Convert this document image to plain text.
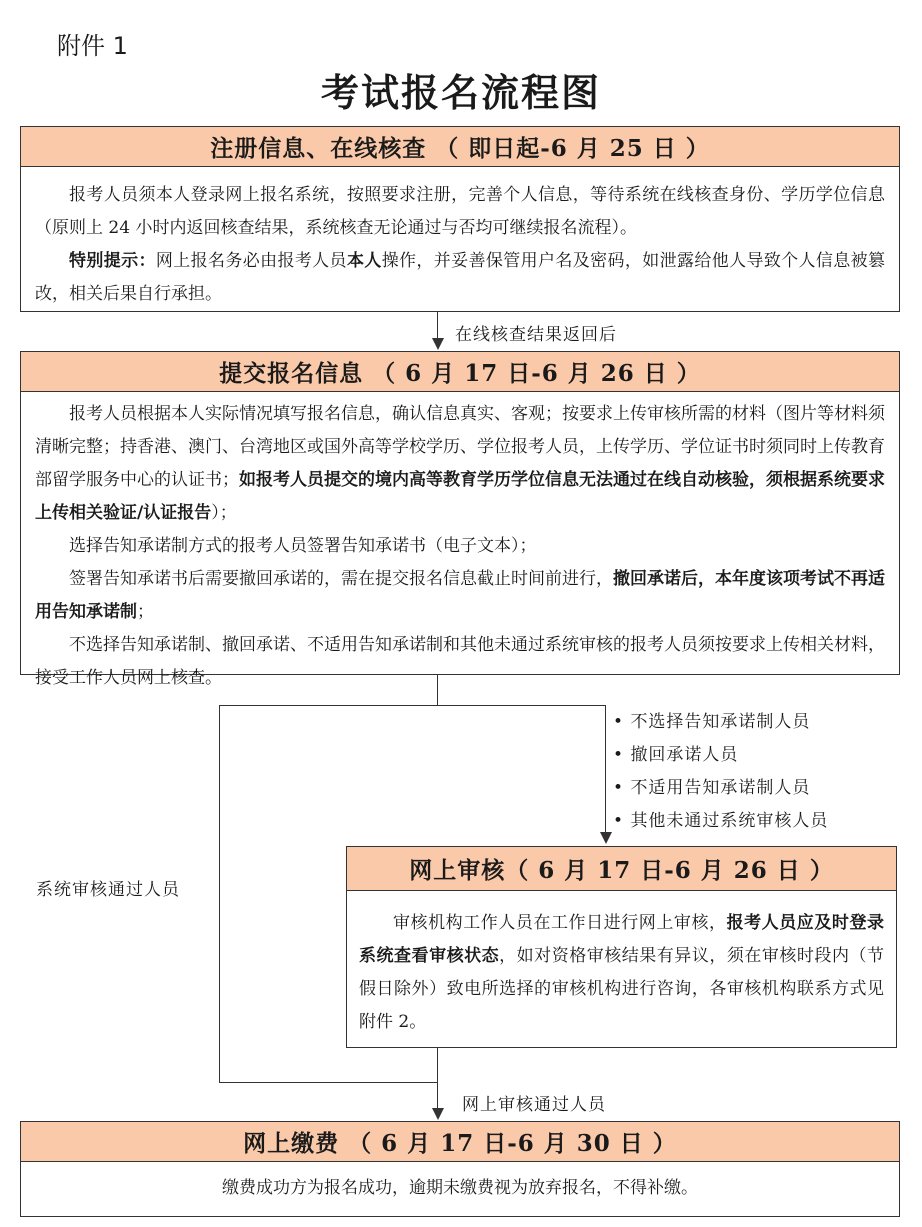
附件 1
考试报名流程图
注册信息、在线核查 （ 即日起-6 月 25 日 ）

报考人员须本人登录网上报名系统，按照要求注册，完善个人信息，等待系统在线核查身份、学历学位信息（原则上 24 小时内返回核查结果，系统核查无论通过与否均可继续报名流程）。

特别提示：网上报名务必由报考人员本人操作，并妥善保管用户名及密码，如泄露给他人导致个人信息被篡改，相关后果自行承担。

在线核查结果返回后
提交报名信息 （ 6 月 17 日-6 月 26 日 ）

报考人员根据本人实际情况填写报名信息，确认信息真实、客观；按要求上传审核所需的材料（图片等材料须清晰完整；持香港、澳门、台湾地区或国外高等学校学历、学位报考人员，上传学历、学位证书时须同时上传教育部留学服务中心的认证书；如报考人员提交的境内高等教育学历学位信息无法通过在线自动核验，须根据系统要求上传相关验证/认证报告）；

选择告知承诺制方式的报考人员签署告知承诺书（电子文本）；

签署告知承诺书后需要撤回承诺的，需在提交报名信息截止时间前进行，撤回承诺后，本年度该项考试不再适用告知承诺制；

不选择告知承诺制、撤回承诺、不适用告知承诺制和其他未通过系统审核的报考人员须按要求上传相关材料，接受工作人员网上核查。

• 不选择告知承诺制人员
• 撤回承诺人员
• 不适用告知承诺制人员
• 其他未通过系统审核人员
系统审核通过人员
网上审核（ 6 月 17 日-6 月 26 日 ）

审核机构工作人员在工作日进行网上审核，报考人员应及时登录系统查看审核状态，如对资格审核结果有异议，须在审核时段内（节假日除外）致电所选择的审核机构进行咨询，各审核机构联系方式见附件 2。

网上审核通过人员
网上缴费 （ 6 月 17 日-6 月 30 日 ）
缴费成功方为报名成功，逾期未缴费视为放弃报名，不得补缴。
